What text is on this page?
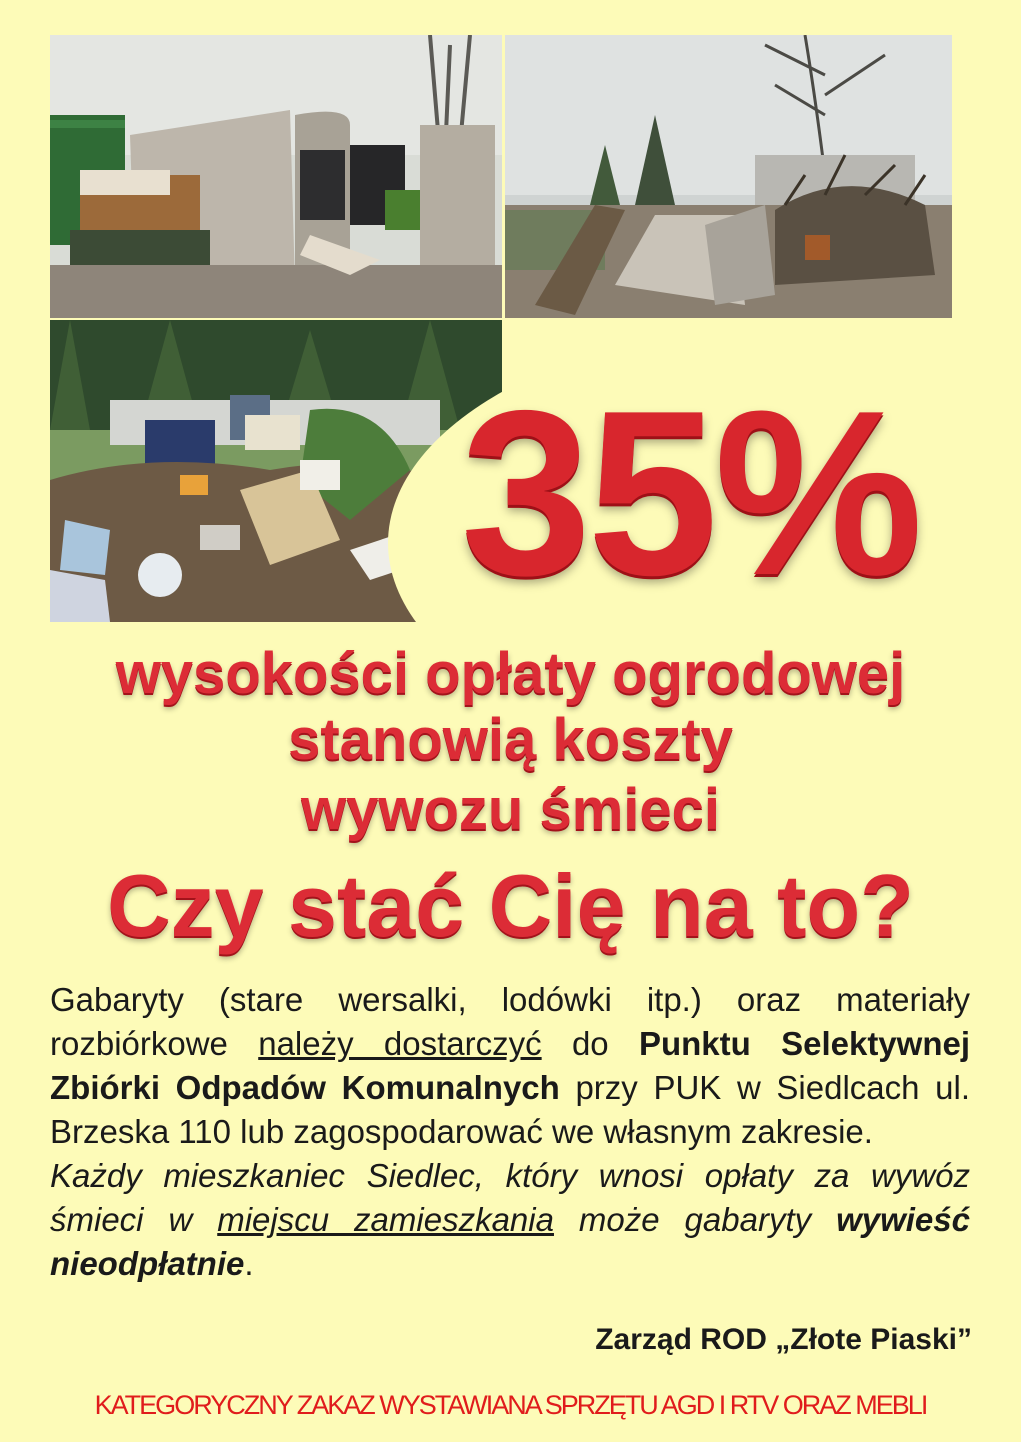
35%
wysokości opłaty ogrodowej
stanowią koszty
wywozu śmieci
Czy stać Cię na to?

Gabaryty (stare wersalki, lodówki itp.) oraz materiały rozbiórkowe należy dostarczyć do Punktu Selektywnej Zbiórki Odpadów Komunalnych przy PUK w Siedlcach ul. Brzeska 110 lub zagospodarować we własnym zakresie.

Każdy mieszkaniec Siedlec, który wnosi opłaty za wywóz śmieci w miejscu zamieszkania może gabaryty wywieść nieodpłatnie.

Zarząd ROD „Złote Piaski”
KATEGORYCZNY ZAKAZ WYSTAWIANA SPRZĘTU AGD I RTV ORAZ MEBLI
